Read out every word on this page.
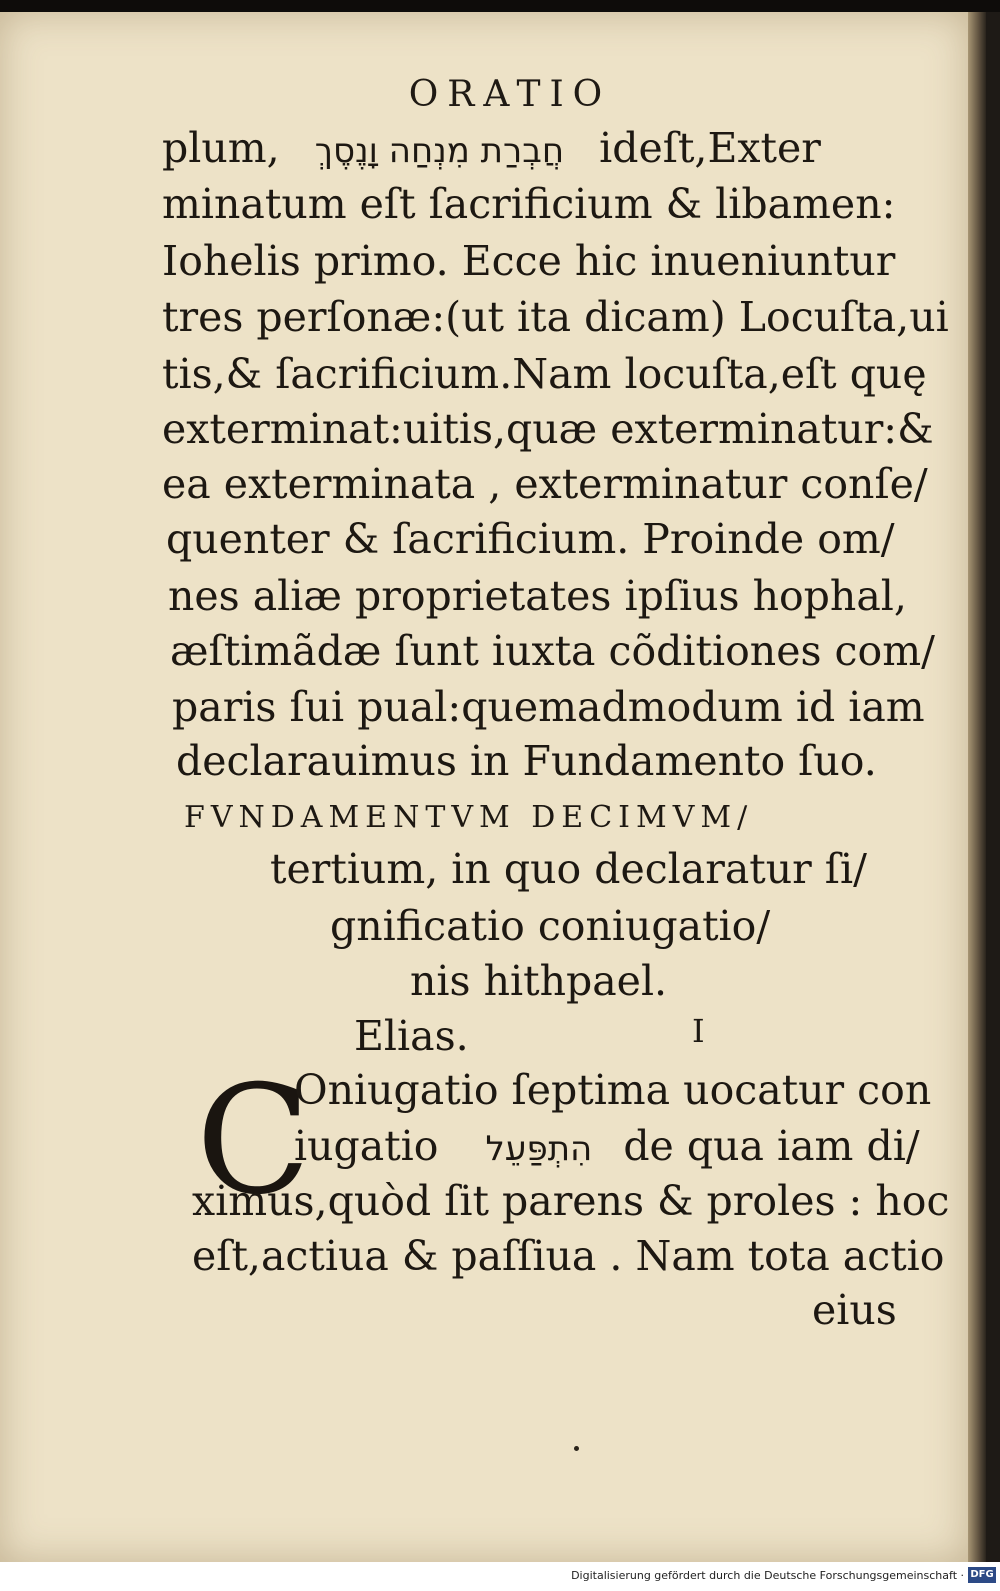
ORATIO
plum, חֲבְרַת מִנְחַה וָנֶסֶךְ ideſt,Exter
minatum eſt ſacrificium & libamen:
Iohelis primo. Ecce hic inueniuntur
tres perſonæ:(ut ita dicam) Locuſta,ui
tis,& ſacrificium.Nam locuſta,eſt quę
exterminat:uitis,quæ exterminatur:&
ea exterminata , exterminatur conſe/
quenter & ſacrificium. Proinde om/
nes aliæ proprietates ipſius hophal,
æſtimãdæ ſunt iuxta cõditiones com/
paris ſui pual:quemadmodum id iam
declarauimus in Fundamento ſuo.
FVNDAMENTVM DECIMVM/
tertium, in quo declaratur ſi/
gnificatio coniugatio/
nis hithpael.
Elias.	I
C
Oniugatio ſeptima uocatur con
iugatio הִתְפַּעֵל de qua iam di/
ximus,quòd ſit parens & proles : hoc
eſt,actiua & paſſiua . Nam tota actio
eius
Digitalisierung gefördert durch die Deutsche Forschungsgemeinschaft · DFG
